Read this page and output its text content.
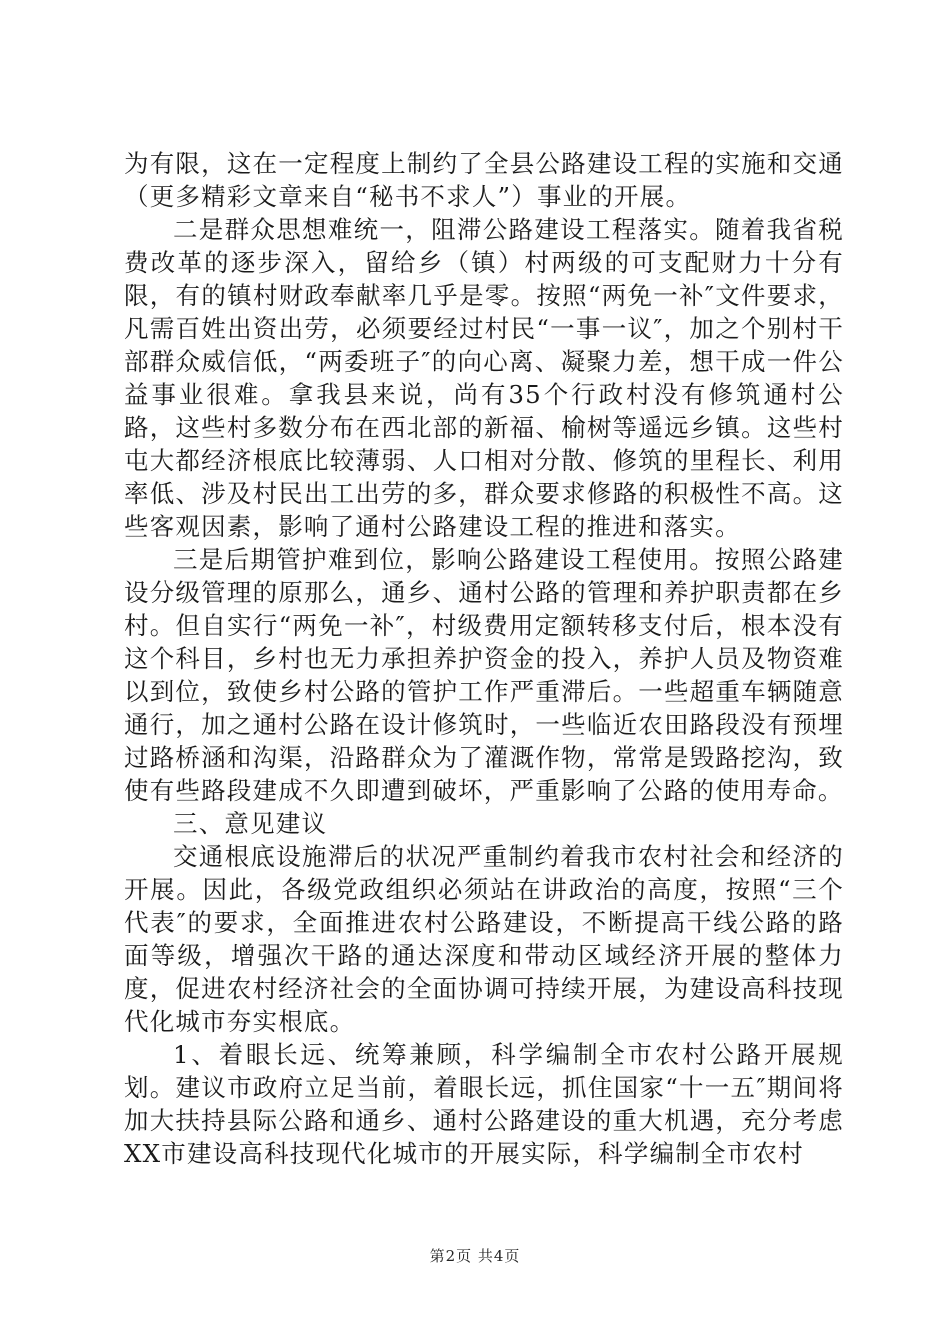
为有限，这在一定程度上制约了全县公路建设工程的实施和交通（更多精彩文章来自“秘书不求人”）事业的开展。

二是群众思想难统一，阻滞公路建设工程落实。随着我省税费改革的逐步深入，留给乡（镇）村两级的可支配财力十分有限，有的镇村财政奉献率几乎是零。按照“两免一补″文件要求，凡需百姓出资出劳，必须要经过村民“一事一议″，加之个别村干部群众威信低，“两委班子″的向心离、凝聚力差，想干成一件公益事业很难。拿我县来说，尚有35个行政村没有修筑通村公路，这些村多数分布在西北部的新福、榆树等遥远乡镇。这些村屯大都经济根底比较薄弱、人口相对分散、修筑的里程长、利用率低、涉及村民出工出劳的多，群众要求修路的积极性不高。这些客观因素，影响了通村公路建设工程的推进和落实。

三是后期管护难到位，影响公路建设工程使用。按照公路建设分级管理的原那么，通乡、通村公路的管理和养护职责都在乡村。但自实行“两免一补″，村级费用定额转移支付后，根本没有这个科目，乡村也无力承担养护资金的投入，养护人员及物资难以到位，致使乡村公路的管护工作严重滞后。一些超重车辆随意通行，加之通村公路在设计修筑时，一些临近农田路段没有预埋过路桥涵和沟渠，沿路群众为了灌溉作物，常常是毁路挖沟，致使有些路段建成不久即遭到破坏，严重影响了公路的使用寿命。

三、意见建议

交通根底设施滞后的状况严重制约着我市农村社会和经济的开展。因此，各级党政组织必须站在讲政治的高度，按照“三个代表″的要求，全面推进农村公路建设，不断提高干线公路的路面等级，增强次干路的通达深度和带动区域经济开展的整体力度，促进农村经济社会的全面协调可持续开展，为建设高科技现代化城市夯实根底。

1、着眼长远、统筹兼顾，科学编制全市农村公路开展规划。建议市政府立足当前，着眼长远，抓住国家“十一五″期间将加大扶持县际公路和通乡、通村公路建设的重大机遇，充分考虑XX市建设高科技现代化城市的开展实际，科学编制全市农村

第2页 共4页
